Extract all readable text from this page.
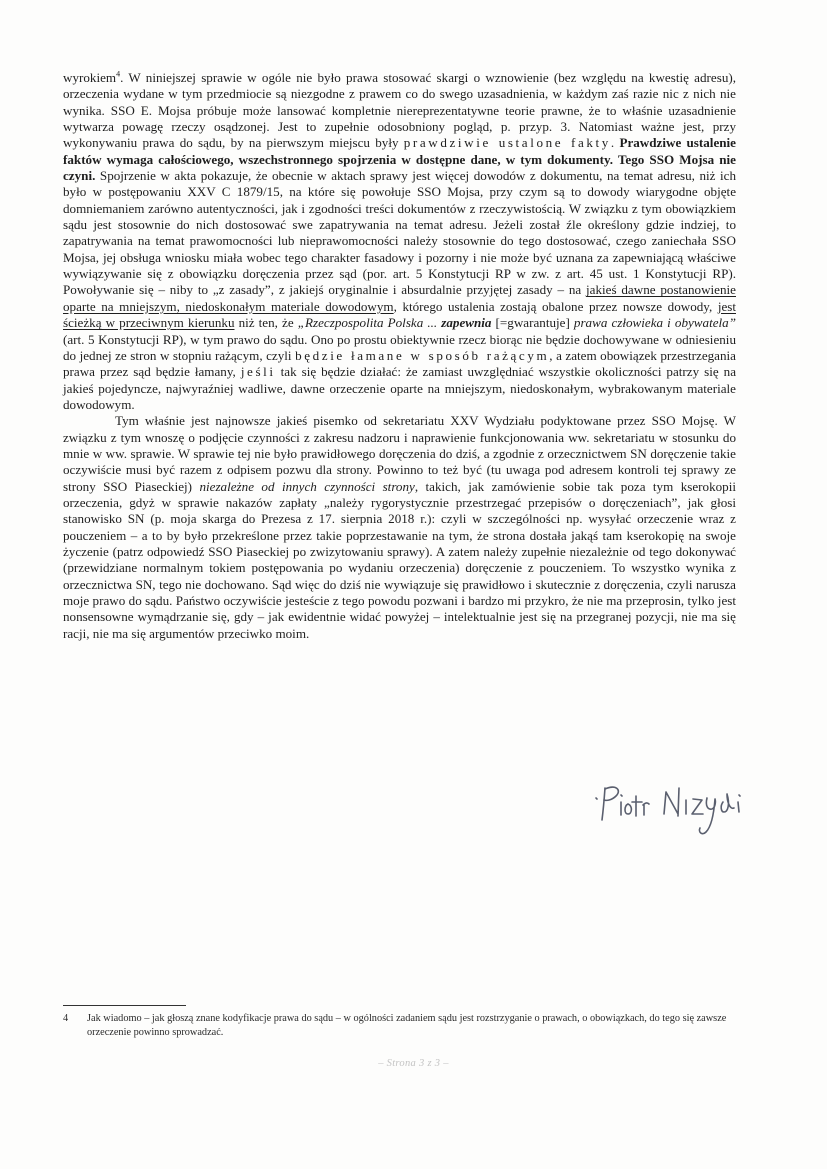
wyrokiem$^4$. W niniejszej sprawie w ogóle nie było prawa stosować skargi o wznowienie (bez względu na kwestię adresu), orzeczenia wydane w tym przedmiocie są niezgodne z prawem co do swego uzasadnienia, w każdym zaś razie nic z nich nie wynika. SSO E. Mojsa próbuje może lansować kompletnie niereprezentatywne teorie prawne, że to właśnie uzasadnienie wytwarza powagę rzeczy osądzonej. Jest to zupełnie odosobniony pogląd, p. przyp. 3. Natomiast ważne jest, przy wykonywaniu prawa do sądu, by na pierwszym miejscu były prawdziwie ustalone fakty. Prawdziwe ustalenie faktów wymaga całościowego, wszechstronnego spojrzenia w dostępne dane, w tym dokumenty. Tego SSO Mojsa nie czyni. Spojrzenie w akta pokazuje, że obecnie w aktach sprawy jest więcej dowodów z dokumentu, na temat adresu, niż ich było w postępowaniu XXV C 1879/15, na które się powołuje SSO Mojsa, przy czym są to dowody wiarygodne objęte domniemaniem zarówno autentyczności, jak i zgodności treści dokumentów z rzeczywistością. W związku z tym obowiązkiem sądu jest stosownie do nich dostosować swe zapatrywania na temat adresu. Jeżeli został źle określony gdzie indziej, to zapatrywania na temat prawomocności lub nieprawomocności należy stosownie do tego dostosować, czego zaniechała SSO Mojsa, jej obsługa wniosku miała wobec tego charakter fasadowy i pozorny i nie może być uznana za zapewniającą właściwe wywiązywanie się z obowiązku doręczenia przez sąd (por. art. 5 Konstytucji RP w zw. z art. 45 ust. 1 Konstytucji RP). Powoływanie się – niby to „z zasady”, z jakiejś oryginalnie i absurdalnie przyjętej zasady – na jakieś dawne postanowienie oparte na mniejszym, niedoskonałym materiale dowodowym, którego ustalenia zostają obalone przez nowsze dowody, jest ścieżką w przeciwnym kierunku niż ten, że „Rzeczpospolita Polska ... zapewnia [=gwarantuje] prawa człowieka i obywatela” (art. 5 Konstytucji RP), w tym prawo do sądu. Ono po prostu obiektywnie rzecz biorąc nie będzie dochowywane w odniesieniu do jednej ze stron w stopniu rażącym, czyli będzie łamane w sposób rażącym, a zatem obowiązek przestrzegania prawa przez sąd będzie łamany, jeśli tak się będzie działać: że zamiast uwzględniać wszystkie okoliczności patrzy się na jakieś pojedyncze, najwyraźniej wadliwe, dawne orzeczenie oparte na mniejszym, niedoskonałym, wybrakowanym materiale dowodowym.

Tym właśnie jest najnowsze jakieś pisemko od sekretariatu XXV Wydziału podyktowane przez SSO Mojsę. W związku z tym wnoszę o podjęcie czynności z zakresu nadzoru i naprawienie funkcjonowania ww. sekretariatu w stosunku do mnie w ww. sprawie. W sprawie tej nie było prawidłowego doręczenia do dziś, a zgodnie z orzecznictwem SN doręczenie takie oczywiście musi być razem z odpisem pozwu dla strony. Powinno to też być (tu uwaga pod adresem kontroli tej sprawy ze strony SSO Piaseckiej) niezależne od innych czynności strony, takich, jak zamówienie sobie tak poza tym kserokopii orzeczenia, gdyż w sprawie nakazów zapłaty „należy rygorystycznie przestrzegać przepisów o doręczeniach”, jak głosi stanowisko SN (p. moja skarga do Prezesa z 17. sierpnia 2018 r.): czyli w szczególności np. wysyłać orzeczenie wraz z pouczeniem – a to by było przekreślone przez takie poprzestawanie na tym, że strona dostała jakąś tam kserokopię na swoje życzenie (patrz odpowiedź SSO Piaseckiej po zwizytowaniu sprawy). A zatem należy zupełnie niezależnie od tego dokonywać (przewidziane normalnym tokiem postępowania po wydaniu orzeczenia) doręczenie z pouczeniem. To wszystko wynika z orzecznictwa SN, tego nie dochowano. Sąd więc do dziś nie wywiązuje się prawidłowo i skutecznie z doręczenia, czyli narusza moje prawo do sądu. Państwo oczywiście jesteście z tego powodu pozwani i bardzo mi przykro, że nie ma przeprosin, tylko jest nonsensowne wymądrzanie się, gdy – jak ewidentnie widać powyżej – intelektualnie jest się na przegranej pozycji, nie ma się racji, nie ma się argumentów przeciwko moim.

4 Jak wiadomo – jak głoszą znane kodyfikacje prawa do sądu – w ogólności zadaniem sądu jest rozstrzyganie o prawach, o obowiązkach, do tego się zawsze orzeczenie powinno sprowadzać.
– Strona 3 z 3 –
